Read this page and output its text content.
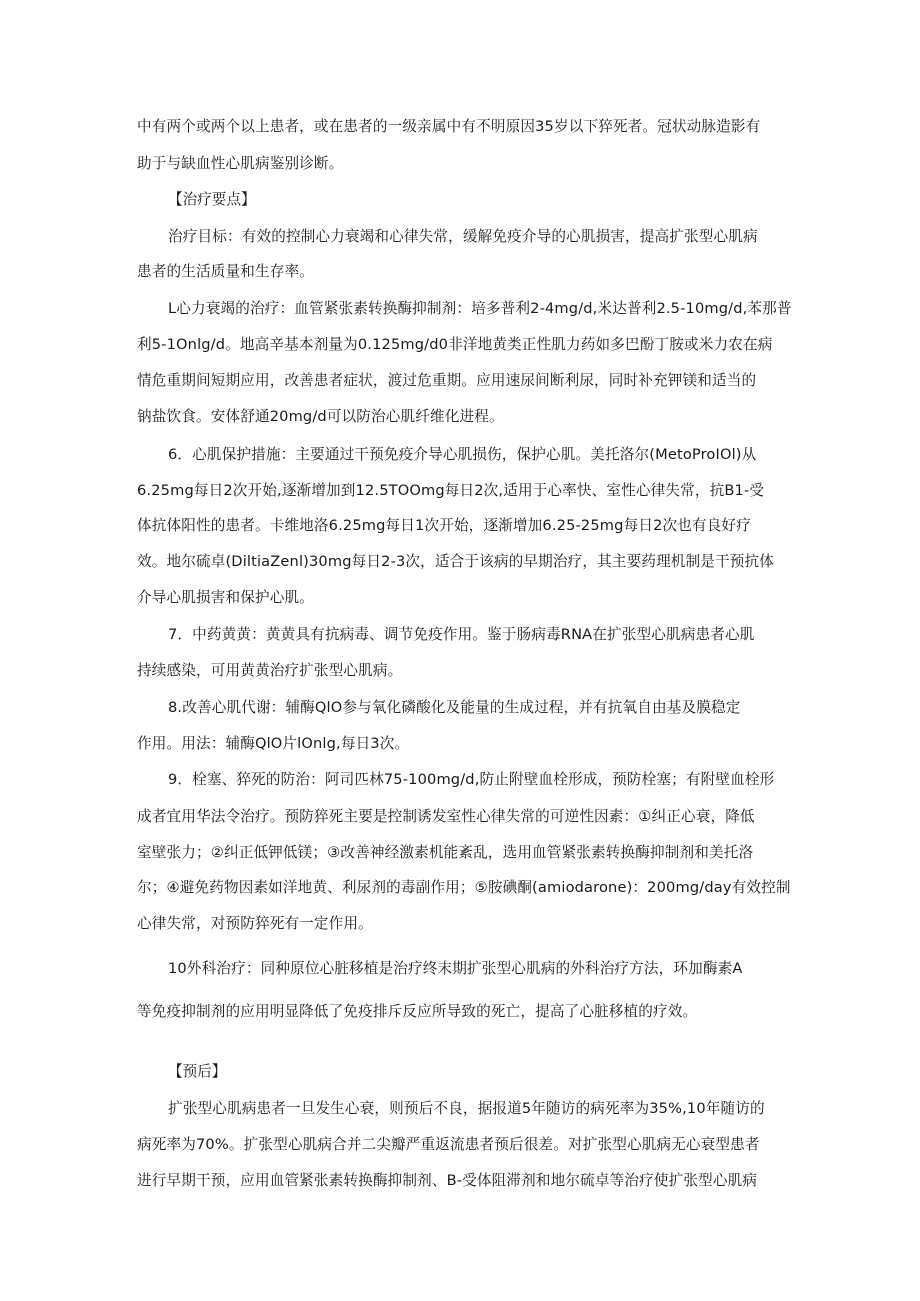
中有两个或两个以上患者，或在患者的一级亲属中有不明原因35岁以下猝死者。冠状动脉造影有
助于与缺血性心肌病鉴别诊断。
【治疗要点】
治疗目标：有效的控制心力衰竭和心律失常，缓解免疫介导的心肌损害，提高扩张型心肌病
患者的生活质量和生存率。
L心力衰竭的治疗：血管紧张素转换酶抑制剂：培多普利2-4mg∕d,米达普利2.5-10mg∕d,苯那普
利5-1Onlg/d。地高辛基本剂量为0.125mg∕d0非洋地黄类正性肌力药如多巴酚丁胺或米力农在病
情危重期间短期应用，改善患者症状，渡过危重期。应用速尿间断利尿，同时补充钾镁和适当的
钠盐饮食。安体舒通20mg∕d可以防治心肌纤维化进程。
6．心肌保护措施：主要通过干预免疫介导心肌损伤，保护心肌。美托洛尔(MetoProIOl)从
6.25mg每日2次开始,逐渐增加到12.5TOOmg每日2次,适用于心率快、室性心律失常，抗B1-受
体抗体阳性的患者。卡维地洛6.25mg每日1次开始，逐渐增加6.25-25mg每日2次也有良好疗
效。地尔硫卓(DiltiaZenl)30mg每日2-3次，适合于该病的早期治疗，其主要药理机制是干预抗体
介导心肌损害和保护心肌。
7．中药黄黄：黄黄具有抗病毒、调节免疫作用。鉴于肠病毒RNA在扩张型心肌病患者心肌
持续感染，可用黄黄治疗扩张型心肌病。
8.改善心肌代谢：辅酶QlO参与氧化磷酸化及能量的生成过程，并有抗氧自由基及膜稳定
作用。用法：辅酶QlO片lOnlg,每日3次。
9．栓塞、猝死的防治：阿司匹林75-100mg∕d,防止附壁血栓形成，预防栓塞；有附壁血栓形
成者宜用华法令治疗。预防猝死主要是控制诱发室性心律失常的可逆性因素：①纠正心衰，降低
室壁张力；②纠正低钾低镁；③改善神经激素机能紊乱，选用血管紧张素转换酶抑制剂和美托洛
尔；④避免药物因素如洋地黄、利尿剂的毒副作用；⑤胺碘酮(amiodarone)：200mg∕day有效控制
心律失常，对预防猝死有一定作用。
10外科治疗：同种原位心脏移植是治疗终末期扩张型心肌病的外科治疗方法，环加酶素A
等免疫抑制剂的应用明显降低了免疫排斥反应所导致的死亡，提高了心脏移植的疗效。
【预后】
扩张型心肌病患者一旦发生心衰，则预后不良，据报道5年随访的病死率为35%,10年随访的
病死率为70%。扩张型心肌病合并二尖瓣严重返流患者预后很差。对扩张型心肌病无心衰型患者
进行早期干预，应用血管紧张素转换酶抑制剂、B-受体阻滞剂和地尔硫卓等治疗使扩张型心肌病
